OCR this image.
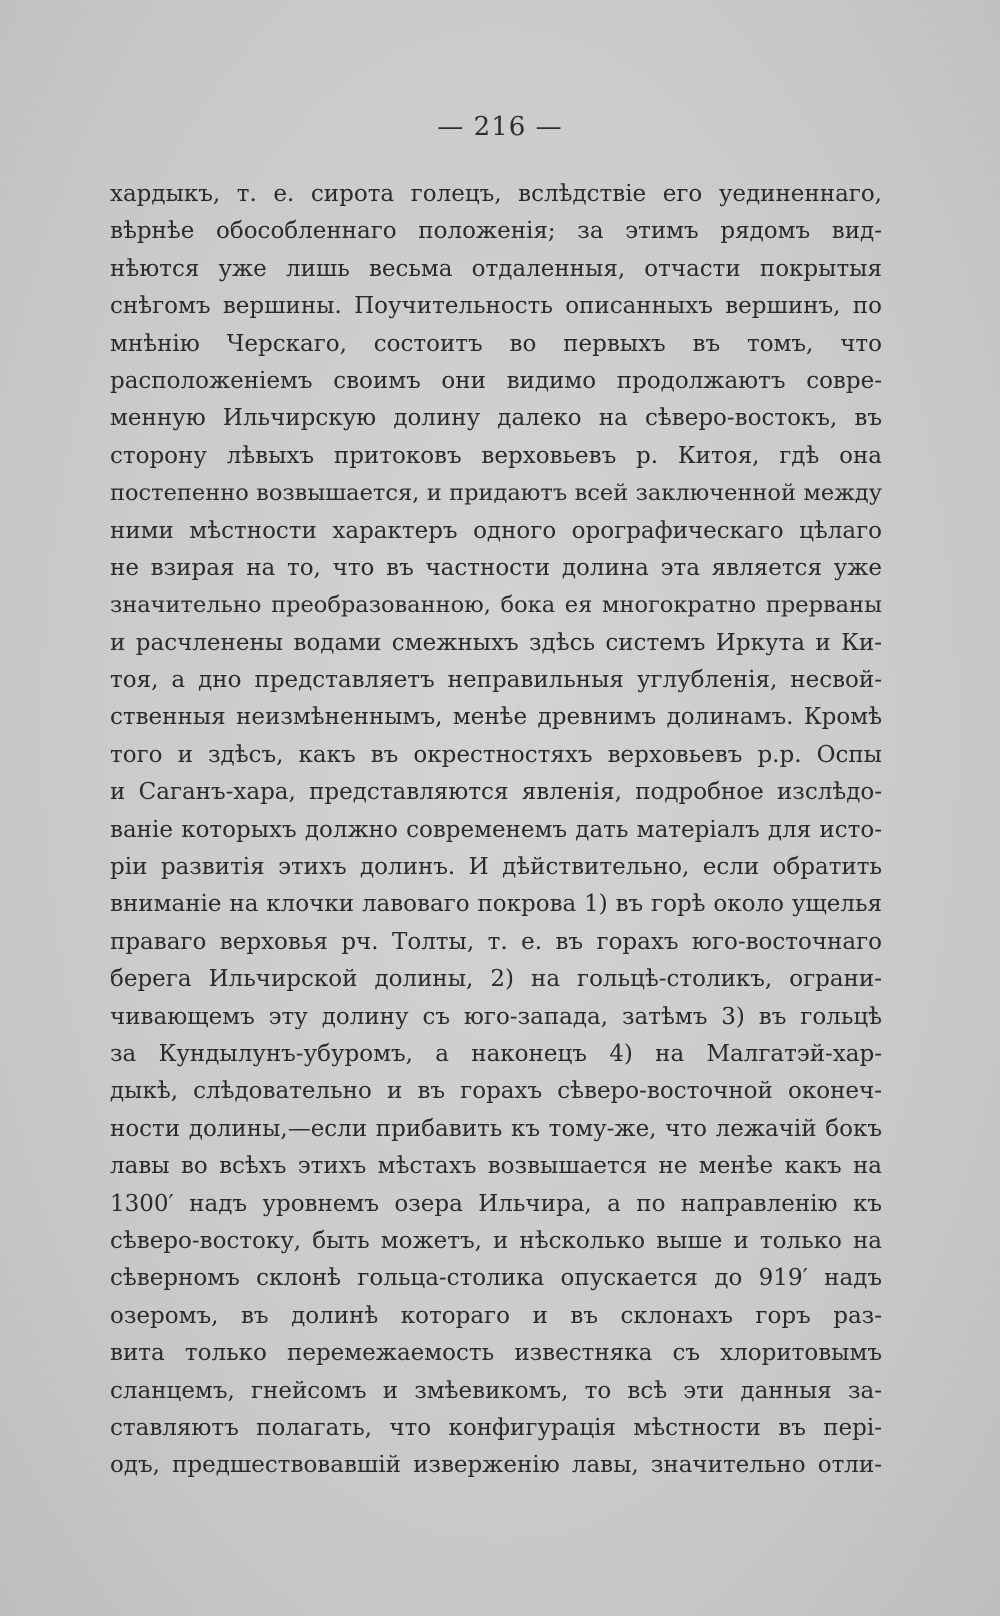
— 216 —
хардыкъ, т. е. сирота голецъ, вслѣдствіе его уединеннаго,
вѣрнѣе обособленнаго положенія; за этимъ рядомъ вид-
нѣются уже лишь весьма отдаленныя, отчасти покрытыя
снѣгомъ вершины. Поучительность описанныхъ вершинъ, по
мнѣнію Черскаго, состоитъ во первыхъ въ томъ, что
расположеніемъ своимъ они видимо продолжаютъ совре-
менную Ильчирскую долину далеко на сѣверо-востокъ, въ
сторону лѣвыхъ притоковъ верховьевъ р. Китоя, гдѣ она
постепенно возвышается, и придаютъ всей заключенной между
ними мѣстности характеръ одного орографическаго цѣлаго
не взирая на то, что въ частности долина эта является уже
значительно преобразованною, бока ея многократно прерваны
и расчленены водами смежныхъ здѣсь системъ Иркута и Ки-
тоя, а дно представляетъ неправильныя углубленія, несвой-
ственныя неизмѣненнымъ, менѣе древнимъ долинамъ. Кромѣ
того и здѣсъ, какъ въ окрестностяхъ верховьевъ р.р. Оспы
и Саганъ-хара, представляются явленія, подробное изслѣдо-
ваніе которыхъ должно современемъ дать матеріалъ для исто-
ріи развитія этихъ долинъ. И дѣйствительно, если обратить
вниманіе на клочки лавоваго покрова 1) въ горѣ около ущелья
праваго верховья рч. Толты, т. е. въ горахъ юго-восточнаго
берега Ильчирской долины, 2) на гольцѣ-столикъ, ограни-
чивающемъ эту долину съ юго-запада, затѣмъ 3) въ гольцѣ
за Кундылунъ-убуромъ, а наконецъ 4) на Малгатэй-хар-
дыкѣ, слѣдовательно и въ горахъ сѣверо-восточной оконеч-
ности долины,—если прибавить къ тому-же, что лежачій бокъ
лавы во всѣхъ этихъ мѣстахъ возвышается не менѣе какъ на
1300′ надъ уровнемъ озера Ильчира, а по направленію къ
сѣверо-востоку, быть можетъ, и нѣсколько выше и только на
сѣверномъ склонѣ гольца-столика опускается до 919′ надъ
озеромъ, въ долинѣ котораго и въ склонахъ горъ раз-
вита только перемежаемость известняка съ хлоритовымъ
сланцемъ, гнейсомъ и змѣевикомъ, то всѣ эти данныя за-
ставляютъ полагать, что конфигурація мѣстности въ пері-
одъ, предшествовавшій изверженію лавы, значительно отли-
